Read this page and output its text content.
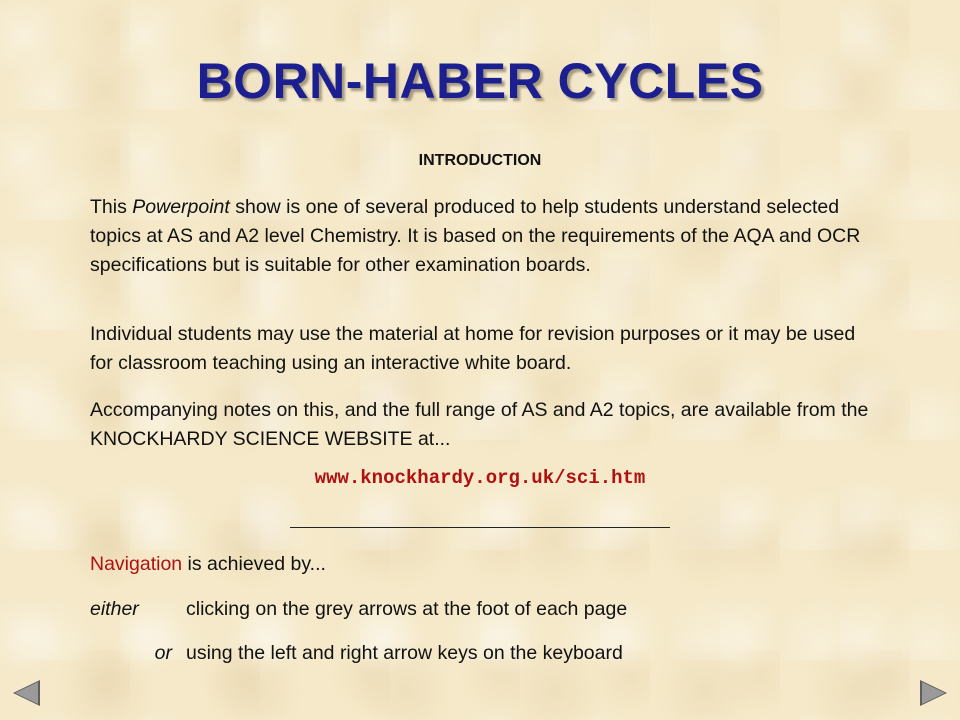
BORN-HABER CYCLES
INTRODUCTION

This Powerpoint show is one of several produced to help students understand selected topics at AS and A2 level Chemistry. It is based on the requirements of the AQA and OCR specifications but is suitable for other examination boards.

Individual students may use the material at home for revision purposes or it may be used for classroom teaching using an interactive white board.

Accompanying notes on this, and the full range of AS and A2 topics, are available from the KNOCKHARDY SCIENCE WEBSITE at...

www.knockhardy.org.uk/sci.htm
Navigation is achieved by...
either clicking on the grey arrows at the foot of each page
or using the left and right arrow keys on the keyboard
